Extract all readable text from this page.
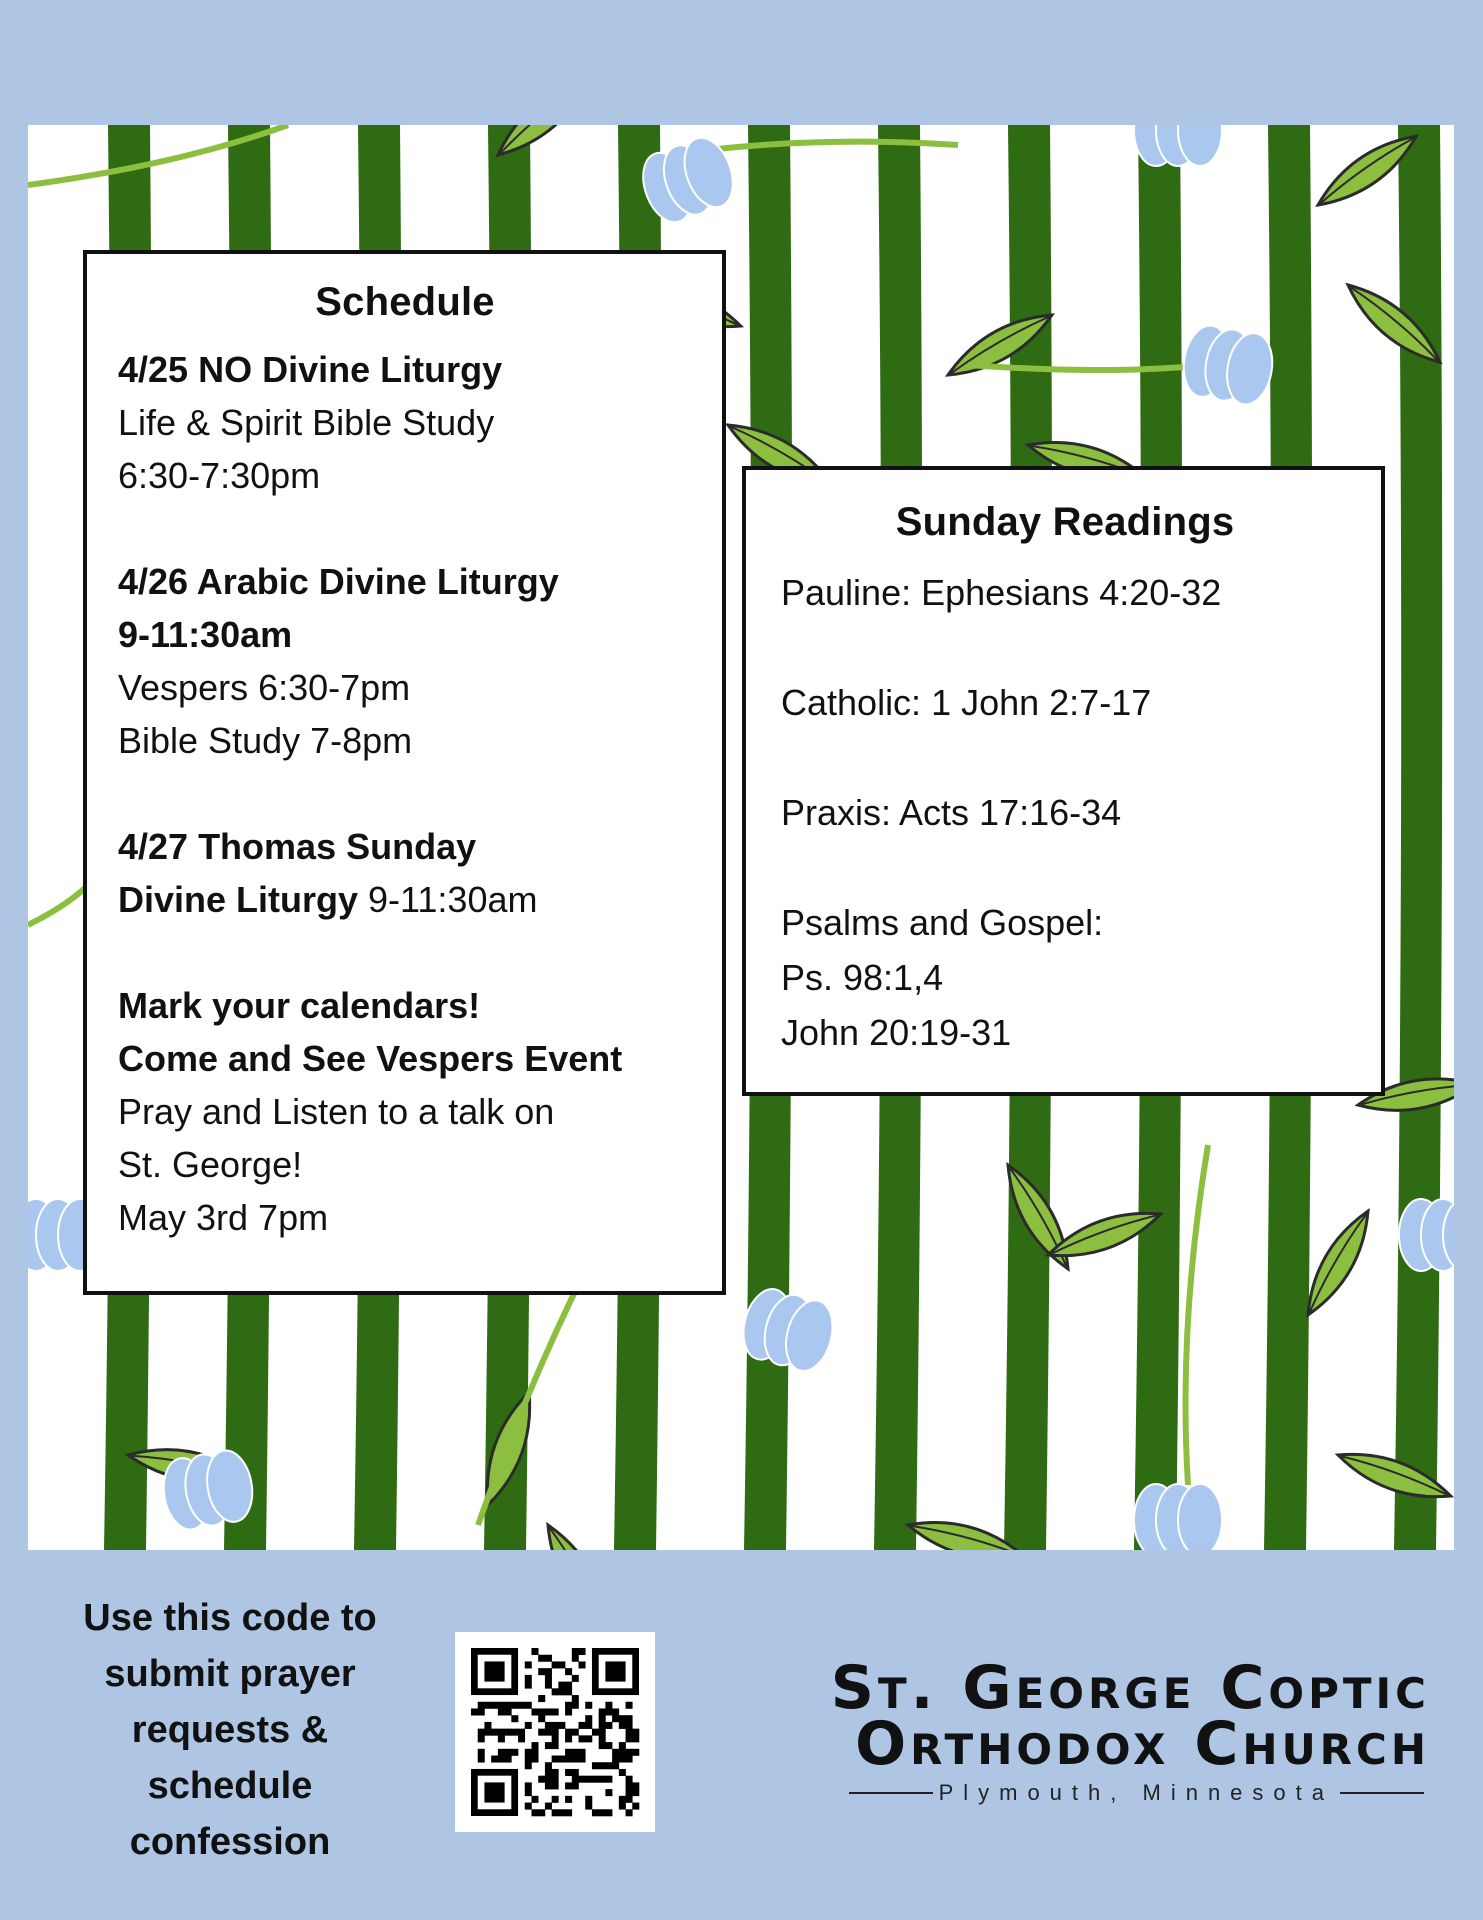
Schedule
4/25 NO Divine Liturgy
Life & Spirit Bible Study
6:30-7:30pm
4/26 Arabic Divine Liturgy
9-11:30am
Vespers 6:30-7pm
Bible Study 7-8pm
4/27 Thomas Sunday
Divine Liturgy 9-11:30am
Mark your calendars!
Come and See Vespers Event
Pray and Listen to a talk on
St. George!
May 3rd 7pm
Sunday Readings
Pauline: Ephesians 4:20-32
Catholic: 1 John 2:7-17
Praxis: Acts 17:16-34
Psalms and Gospel:
Ps. 98:1,4
John 20:19-31
Use this code to
submit prayer
requests &
schedule
confession
St. George Coptic
Orthodox Church
Plymouth, Minnesota
